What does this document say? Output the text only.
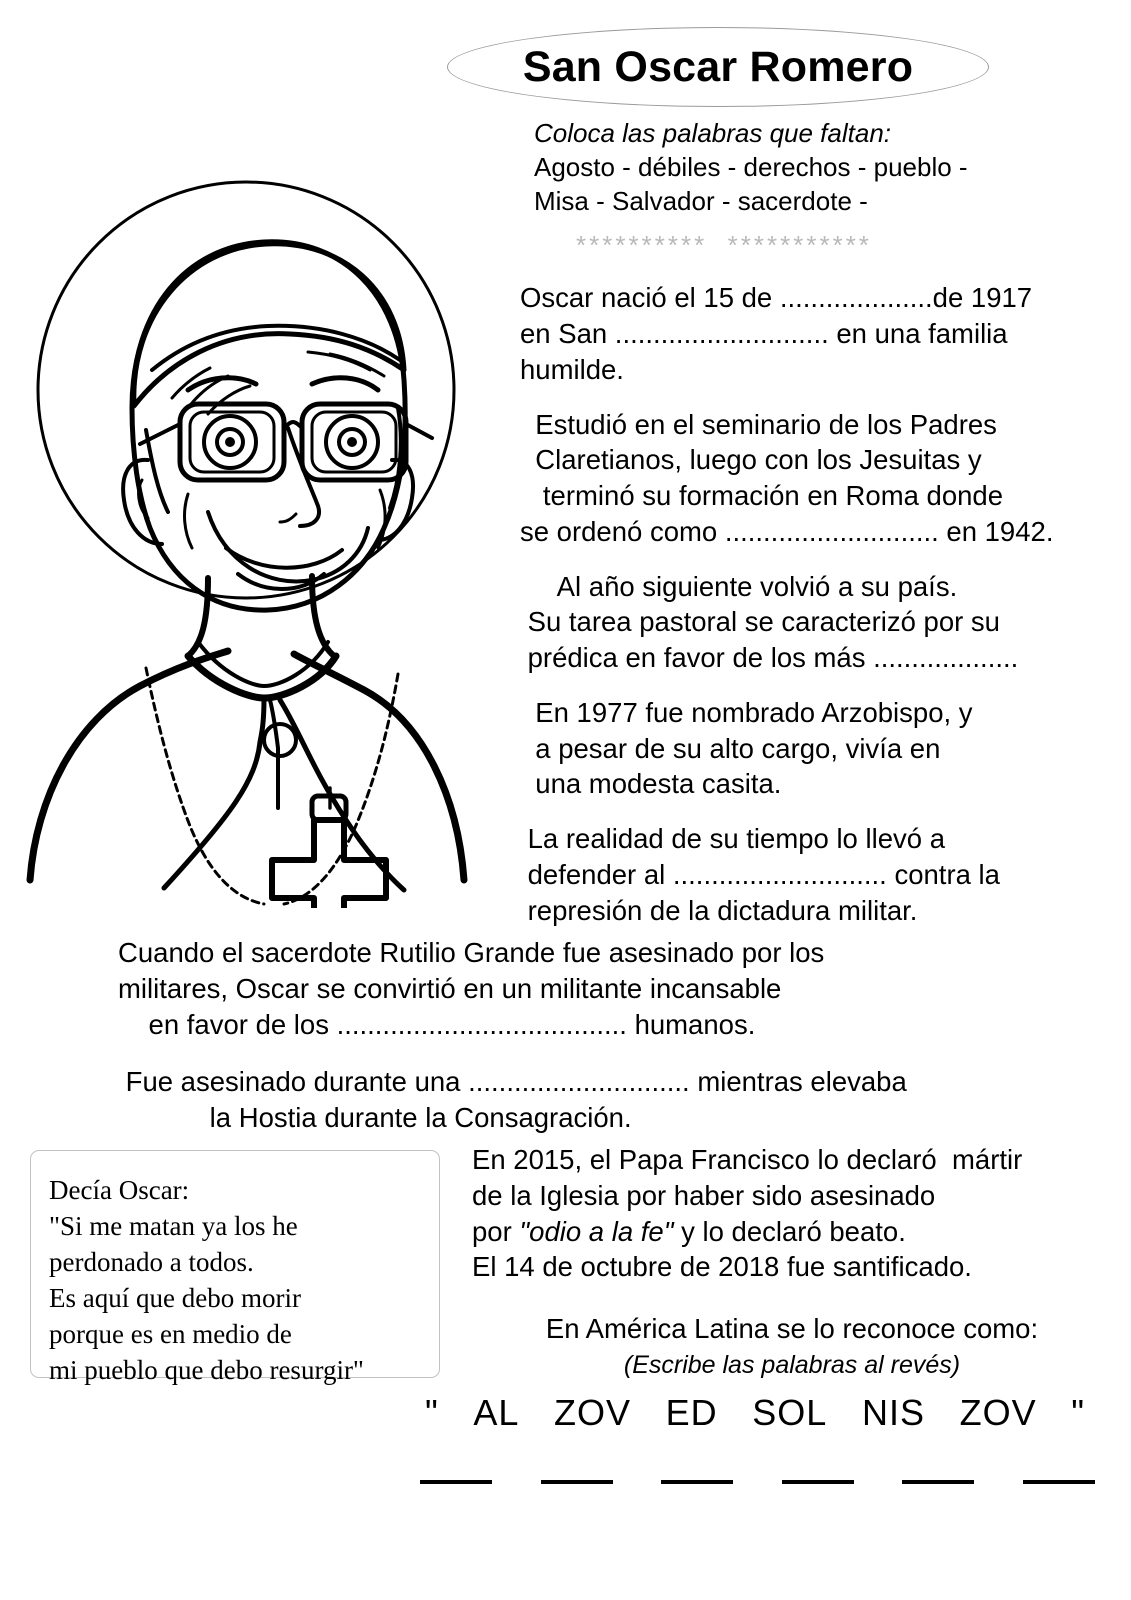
San Oscar Romero
Coloca las palabras que faltan:
Agosto - débiles - derechos - pueblo -
Misa - Salvador - sacerdote -
**********  ***********
Oscar nació el 15 de ....................de 1917
en San ............................ en una familia
humilde.
Estudió en el seminario de los Padres
Claretianos, luego con los Jesuitas y
terminó su formación en Roma donde
se ordenó como ............................ en 1942.
Al año siguiente volvió a su país.
Su tarea pastoral se caracterizó por su
prédica en favor de los más ...................
En 1977 fue nombrado Arzobispo, y
a pesar de su alto cargo, vivía en
una modesta casita.
La realidad de su tiempo lo llevó a
defender al ............................ contra la
represión de la dictadura militar.
Cuando el sacerdote Rutilio Grande fue asesinado por los
militares, Oscar se convirtió en un militante incansable
en favor de los ...................................... humanos.
Fue asesinado durante una ............................. mientras elevaba
la Hostia durante la Consagración.
Decía Oscar:
"Si me matan ya los he
perdonado a todos.
Es aquí que debo morir
porque es en medio de
mi pueblo que debo resurgir"
En 2015, el Papa Francisco lo declaró  mártir
de la Iglesia por haber sido asesinado
por "odio a la fe" y lo declaró beato.
El 14 de octubre de 2018 fue santificado.
En América Latina se lo reconoce como:
(Escribe las palabras al revés)
" AL ZOV ED SOL NIS ZOV "
